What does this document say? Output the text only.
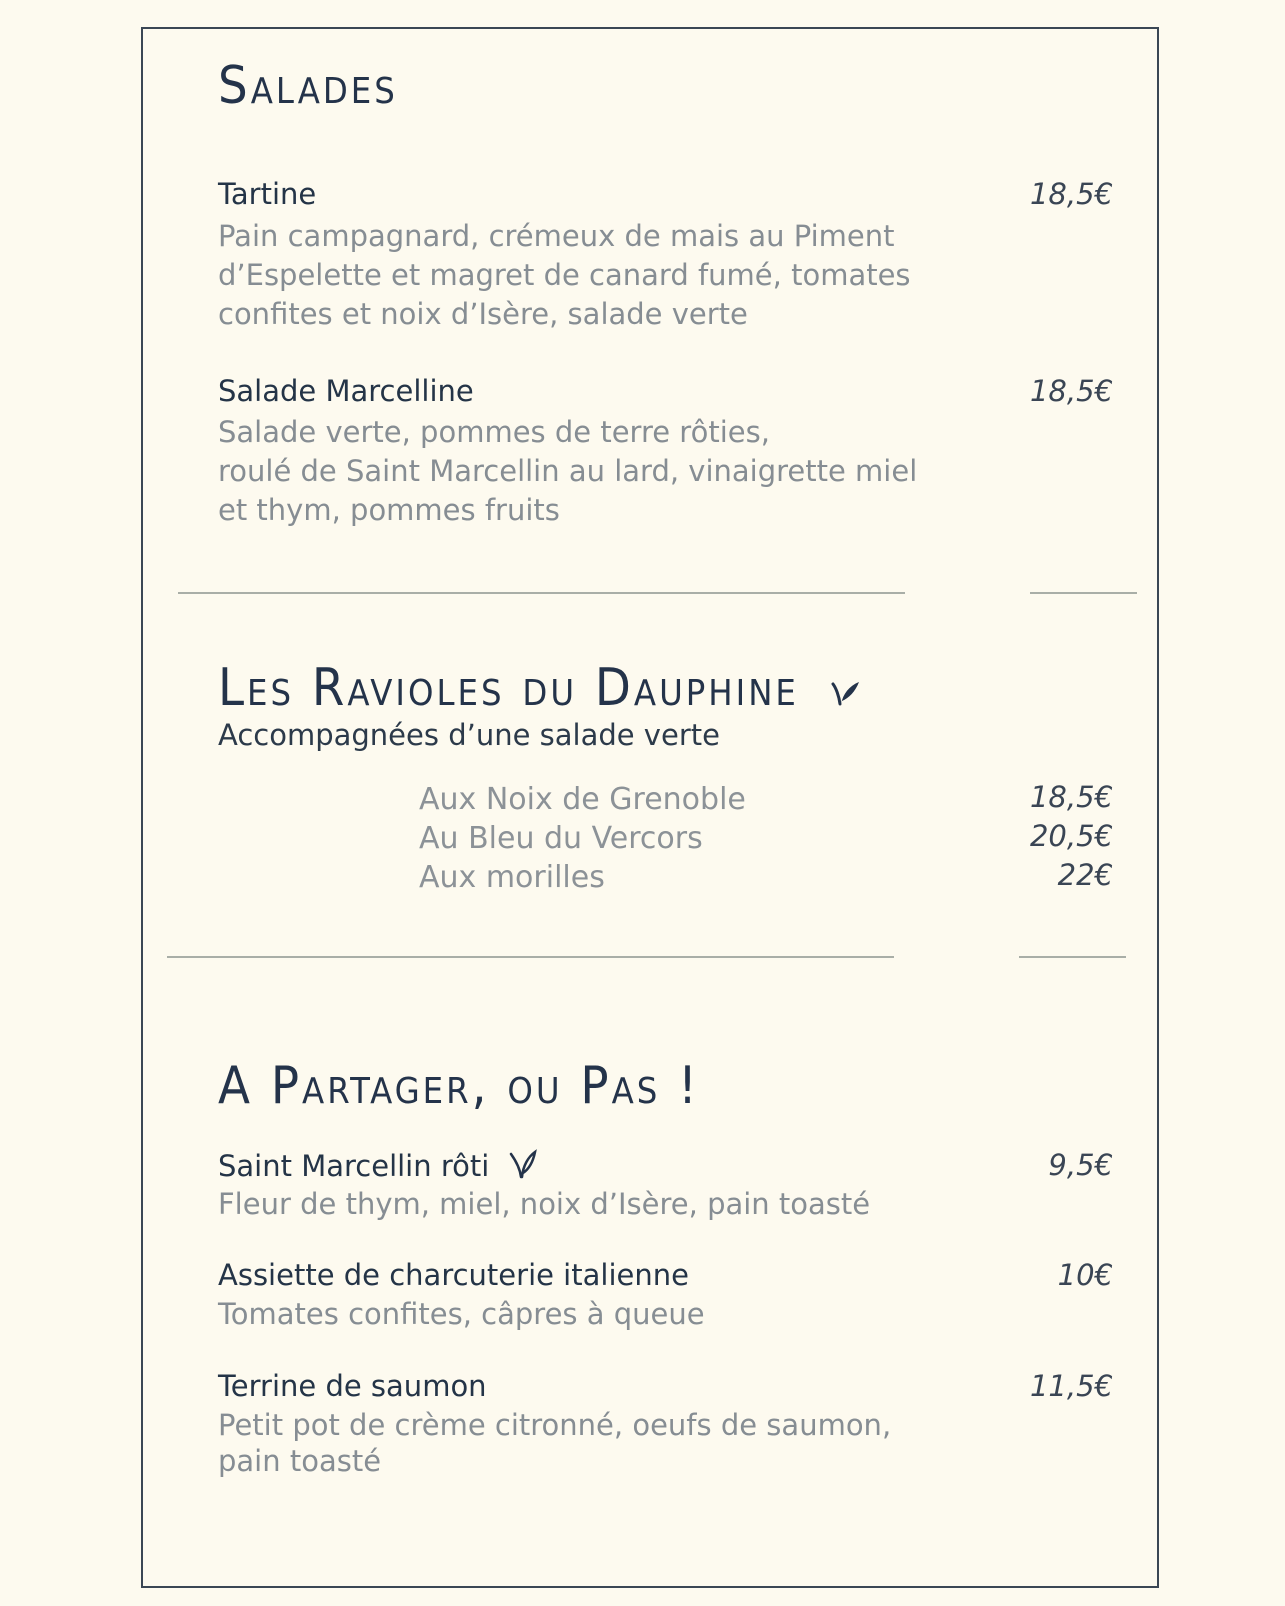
Salades
Tartine	18,5€
Pain campagnard, crémeux de mais au Piment
d’Espelette et magret de canard fumé, tomates
confites et noix d’Isère, salade verte
Salade Marcelline	18,5€
Salade verte, pommes de terre rôties,
roulé de Saint Marcellin au lard, vinaigrette miel
et thym, pommes fruits
Les Ravioles du Dauphine
Accompagnées d’une salade verte
Aux Noix de Grenoble	18,5€
Au Bleu du Vercors	20,5€
Aux morilles	22€
A Partager, ou Pas !
Saint Marcellin rôti	9,5€
Fleur de thym, miel, noix d’Isère, pain toasté
Assiette de charcuterie italienne	10€
Tomates confites, câpres à queue
Terrine de saumon	11,5€
Petit pot de crème citronné, oeufs de saumon,
pain toasté
